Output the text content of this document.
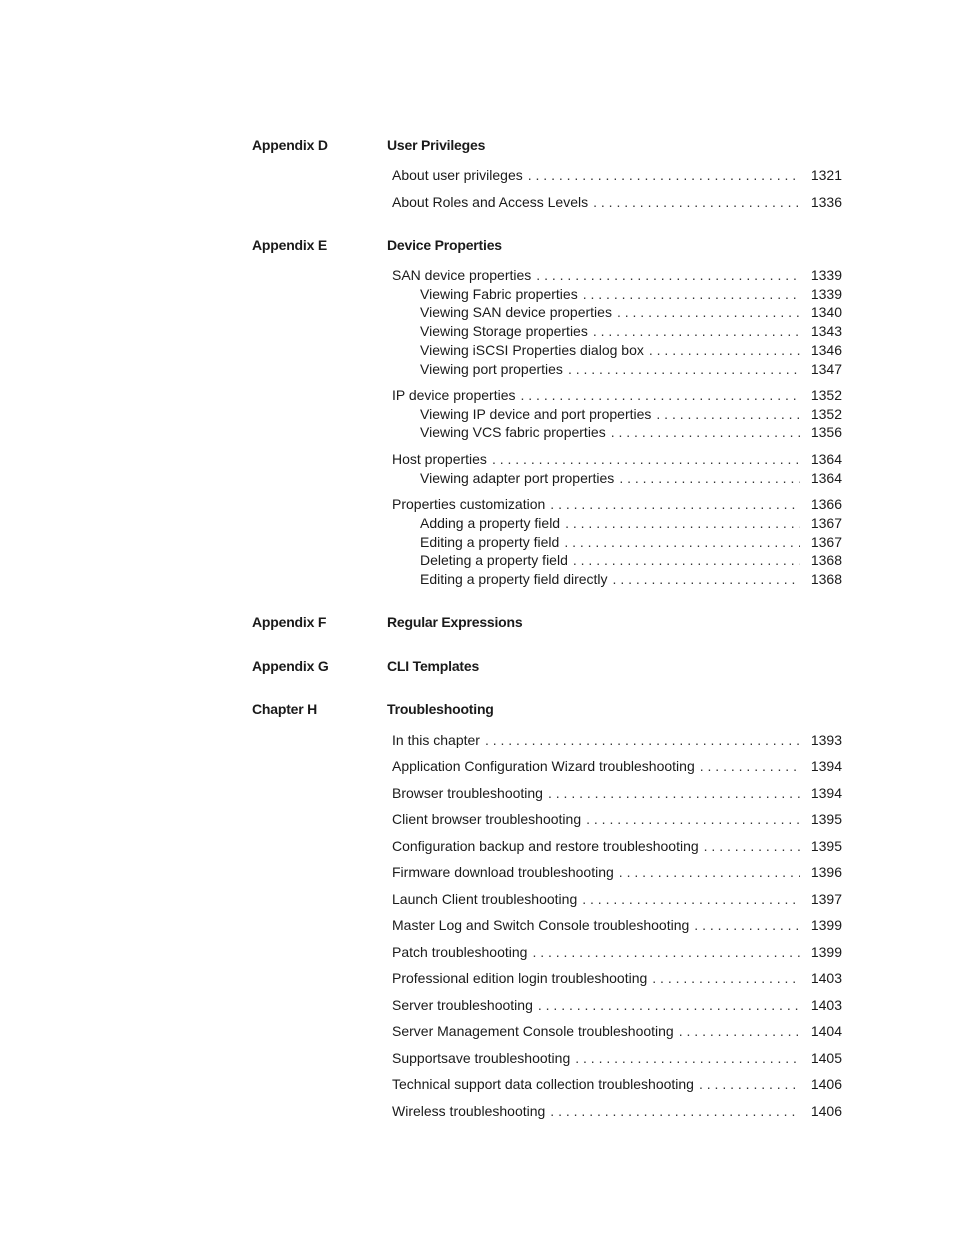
Appendix D	User Privileges
About user privileges . . .	1321
About Roles and Access Levels . . .	1336
Appendix E	Device Properties
SAN device properties . . .	1339
Viewing Fabric properties . . .	1339
Viewing SAN device properties . . .	1340
Viewing Storage properties . . .	1343
Viewing iSCSI Properties dialog box . . .	1346
Viewing port properties . . .	1347
IP device properties . . .	1352
Viewing IP device and port properties . . .	1352
Viewing VCS fabric properties . . .	1356
Host properties . . .	1364
Viewing adapter port properties . . .	1364
Properties customization . . .	1366
Adding a property field . . .	1367
Editing a property field . . .	1367
Deleting a property field . . .	1368
Editing a property field directly . . .	1368
Appendix F	Regular Expressions
Appendix G	CLI Templates
Chapter H	Troubleshooting
In this chapter . . .	1393
Application Configuration Wizard troubleshooting . . .	1394
Browser troubleshooting . . .	1394
Client browser troubleshooting . . .	1395
Configuration backup and restore troubleshooting . . .	1395
Firmware download troubleshooting . . .	1396
Launch Client troubleshooting . . .	1397
Master Log and Switch Console troubleshooting . . .	1399
Patch troubleshooting . . .	1399
Professional edition login troubleshooting . . .	1403
Server troubleshooting . . .	1403
Server Management Console troubleshooting . . .	1404
Supportsave troubleshooting . . .	1405
Technical support data collection troubleshooting . . .	1406
Wireless troubleshooting . . .	1406
